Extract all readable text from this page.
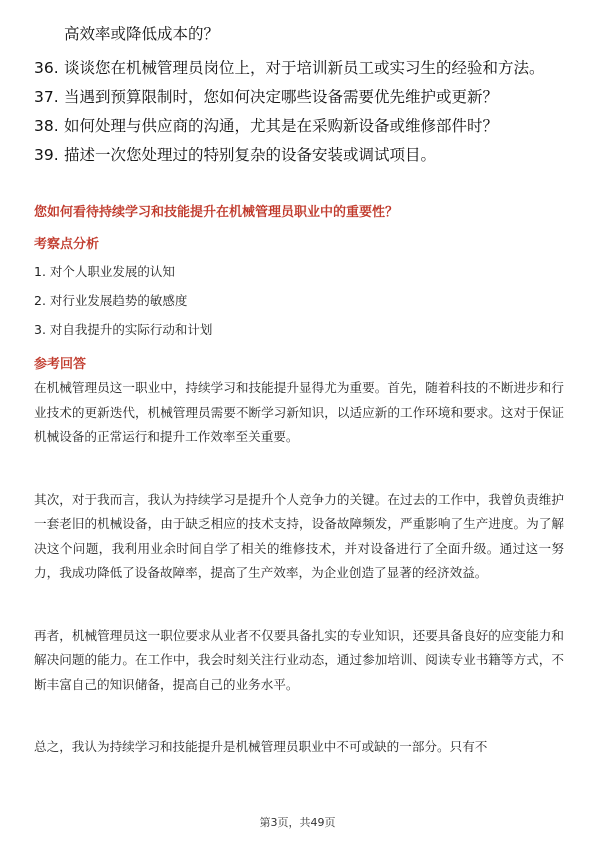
高效率或降低成本的？
36. 谈谈您在机械管理员岗位上，对于培训新员工或实习生的经验和方法。
37. 当遇到预算限制时，您如何决定哪些设备需要优先维护或更新？
38. 如何处理与供应商的沟通，尤其是在采购新设备或维修部件时？
39. 描述一次您处理过的特别复杂的设备安装或调试项目。
您如何看待持续学习和技能提升在机械管理员职业中的重要性？
考察点分析
1. 对个人职业发展的认知
2. 对行业发展趋势的敏感度
3. 对自我提升的实际行动和计划
参考回答

在机械管理员这一职业中，持续学习和技能提升显得尤为重要。首先，随着科技的不断进步和行业技术的更新迭代，机械管理员需要不断学习新知识，以适应新的工作环境和要求。这对于保证机械设备的正常运行和提升工作效率至关重要。

其次，对于我而言，我认为持续学习是提升个人竞争力的关键。在过去的工作中，我曾负责维护一套老旧的机械设备，由于缺乏相应的技术支持，设备故障频发，严重影响了生产进度。为了解决这个问题，我利用业余时间自学了相关的维修技术，并对设备进行了全面升级。通过这一努力，我成功降低了设备故障率，提高了生产效率，为企业创造了显著的经济效益。

再者，机械管理员这一职位要求从业者不仅要具备扎实的专业知识，还要具备良好的应变能力和解决问题的能力。在工作中，我会时刻关注行业动态，通过参加培训、阅读专业书籍等方式，不断丰富自己的知识储备，提高自己的业务水平。

总之，我认为持续学习和技能提升是机械管理员职业中不可或缺的一部分。只有不

第3页，共49页
